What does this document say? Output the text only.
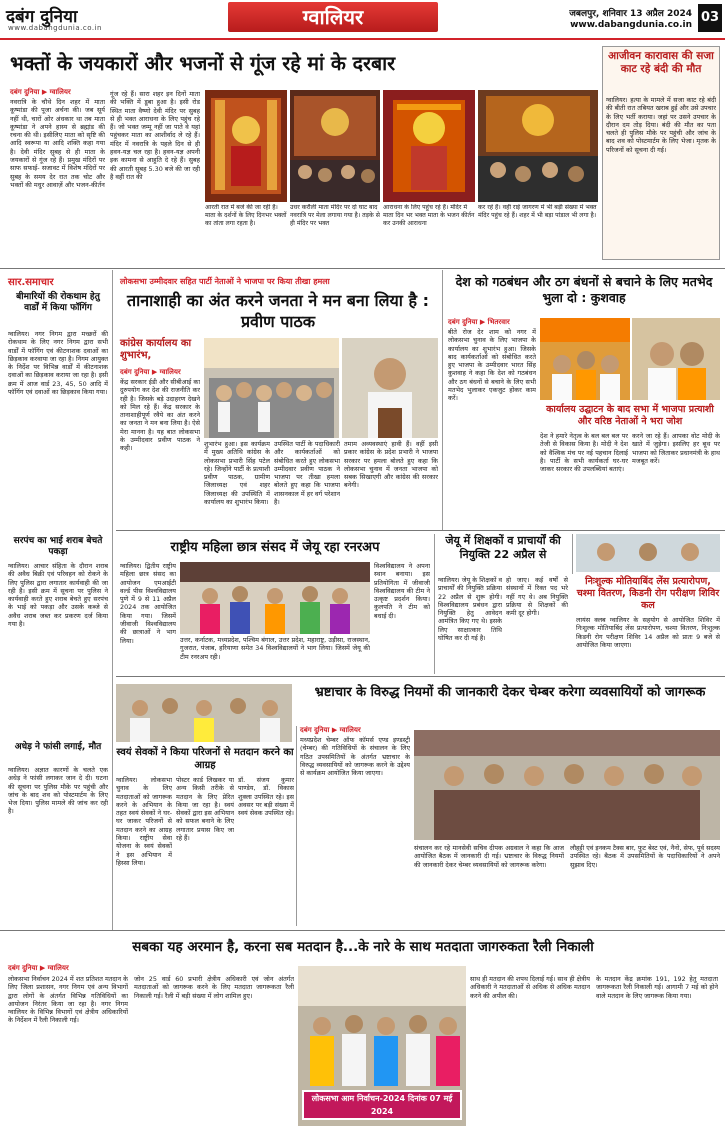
दबंग दुनिया
www.dabangdunia.co.in	ग्वालियर	जबलपुर, शनिवार 13 अप्रैल 2024
www.dabangdunia.co.in 03
भक्तों के जयकारों और भजनों से गूंज रहे मां के दरबार
दबंग दुनिया ▶ ग्वालियर
नवरात्रि के चौथे दिन शहर में माता कूष्मांडा की पूजा अर्चना की। जब सूर्य नहीं थी, चारों ओर अंधकार था तब माता कूष्मांडा ने अपने हास्य से ब्रह्मांड की रचना की थी। इसीलिए माता को सृष्टि की आदि स्वरूपा या आदि शक्ति कहा गया है। देवी मंदिर सुबह से ही माता के जयकारों से गूंज रहे हैं। प्रमुख मंदिरों पर साफ सफाई- सजावट में विशेष मंदिरों पर सुबह के समय देर रात तक चोट और भक्तों की मधुर आवाज़ें और भजन-कीर्तन
गूंज रहे हैं। सारा शहर इन दिनों माता की भक्ति में डूबा हुआ है। इसी रोड स्थित माता वैष्णो देवी मंदिर पर सुबह से ही भक्त आराधना के लिए पहुंच रहे हैं। जो भक्त जम्मू नहीं जा पाते वे यहां पहुंचकर माता का आशीर्वाद ले रहे हैं। मंदिर में नवरात्रि के पहले दिन से ही हवन-यज्ञ चल रहा है। हवन-यज्ञ अपनी इक कामना से आहुति दे रहे हैं। सुबह की आरती सुबह 5.30 बजे की जा रही है वहीं रात की
आरती रात में बजे की जा रही है। माता के दर्शनों के लिए दिनभर भक्तों का तांता लगा रहता है।
उधर करौली माता मंदिर पर दो घाट बाद नवरात्रि पर मेला लगाया गया है। तड़के से ही मंदिर पर भक्त
आराधना के लिए पहुंच रहे हैं। मंदिर में माता दिन भर भक्त माता के भजन कीर्तन कर उनकी आराधना
कर रहे हैं। वहीं राई जागरण में भी बड़ी संख्या में भक्त मंदिर पहुंच रहे हैं। शहर में भी बड़ा पांडाल भी लगा है।
आजीवन कारावास की सजा काट रहे बंदी की मौत
ग्वालियर। हत्या के मामले में सजा काट रहे बंदी की बीती रात तबियत खराब हुई और उसे उपचार के लिए भर्ती कराया। जहां पर उसने उपचार के दौरान दम तोड़ दिया। बंदी की मौत का पता चलते ही पुलिस मौके पर पहुंची और जांच के बाद शव को पोस्टमार्टम के लिए भेजा। मृतक के परिजनों को सूचना दी गई।
सार.समाचार
बीमारियों की रोकथाम हेतु वार्डों में किया फॉगिंग
ग्वालियर। नगर निगम द्वारा मच्छरों की रोकथाम के लिए नगर निगम द्वारा सभी वार्डों में फॉगिंग एवं कीटनाशक दवाओं का छिड़काव करवाया जा रहा है। निगम आयुक्त के निर्देश पर विभिन्न वार्डों में कीटनाशक दवाओं का छिड़काव कराया जा रहा है। इसी क्रम में आज वार्ड 23, 45, 50 आदि में फॉगिंग एवं दवाओं का छिड़काव किया गया।
सरपंच का भाई शराब बेचते पकड़ा
ग्वालियर। आचार संहिता के दौरान शराब की अवैध बिक्री एवं परिवहन को रोकने के लिए पुलिस द्वारा लगातार कार्यवाही की जा रही है। इसी क्रम में सूचना पर पुलिस ने कार्यवाही करते हुए शराब बेचते हुए सरपंच के भाई को पकड़ा और उसके कब्जे से अवैध शराब जब्त कर प्रकरण दर्ज किया गया है।
अधेड़ ने फांसी लगाई, मौत
ग्वालियर। अज्ञात कारणों के चलते एक अधेड़ ने फांसी लगाकर जान दे दी। घटना की सूचना पर पुलिस मौके पर पहुंची और जांच के बाद शव को पोस्टमार्टम के लिए भेज दिया। पुलिस मामले की जांच कर रही है।
लोकसभा उम्मीदवार सहित पार्टी नेताओं ने भाजपा पर किया तीखा हमला
तानाशाही का अंत करने जनता ने मन बना लिया है : प्रवीण पाठक
कांग्रेस कार्यालय का शुभारंभ,
दबंग दुनिया ▶ ग्वालियर
केंद्र सरकार ईडी और सीबीआई का दुरुपयोग कर देश की राजनीति कर रही है। जिसके बड़े उदाहरण देखने को मिल रहे हैं। केंद्र सरकार के तानाशाहीपूर्ण रवैये का अंत करने का जनता ने मन बना लिया है। ऐसे मेरा मानना है। यह बात लोकसभा के उम्मीदवार प्रवीण पाठक ने कही।
शुभारंभ हुआ। इस कार्यक्रम में मुख्य अतिथि कांग्रेस के लोकसभा प्रभारी सिंह पटेल रहे। जिन्होंने पार्टी के प्रत्याशी प्रवीण पाठक, ग्रामीण जिलाध्यक्ष एवं शहर जिलाध्यक्ष की उपस्थिति में कार्यालय का शुभारंभ किया।
उपस्थित पार्टी के पदाधिकारी और कार्यकर्ताओं को संबोधित करते हुए लोकसभा उम्मीदवार प्रवीण पाठक ने भाजपा पर तीखा हमला बोलते हुए कहा कि भाजपा शासनकाल में हर वर्ग परेशान है।
तमाम अव्यवस्थाएं हावी हैं। वहीं इसी प्रकार कांग्रेस के प्रदेश प्रभारी ने भाजपा सरकार पर हमला बोलते हुए कहा कि लोकसभा चुनाव में जनता भाजपा को सबक सिखाएगी और कांग्रेस की सरकार बनेगी।
देश को गठबंधन और ठग बंधनों से बचाने के लिए मतभेद भुला दो : कुशवाह
दबंग दुनिया ▶ भितरवार
बीते रोज देर शाम को नगर में लोकसभा चुनाव के लिए भाजपा के कार्यालय का शुभारंभ हुआ। जिसके बाद कार्यकर्ताओं को संबोधित करते हुए भाजपा के उम्मीदवार भारत सिंह कुशवाह ने कहा कि देश को गठबंधन और ठग बंधनों से बचाने के लिए सभी मतभेद भुलाकर एकजुट होकर काम करें।
कार्यालय उद्घाटन के बाद सभा में भाजपा प्रत्याशी और वरिष्ठ नेताओं ने भरा जोश
देश ने हमारे नेतृत्व के बल बल बल पर तेजी से विकास किया है। मोदी ने देश को वैश्विक मंच पर नई पहचान दिलाई है। पार्टी के सभी कार्यकर्ता घर-घर जाकर सरकार की उपलब्धियां बताएं।
करने जा रहे हैं। आपका वोट मोदी के खाते में जुड़ेगा। इसलिए हर बूथ पर भाजपा को जिताकर प्रधानमंत्री के हाथ मजबूत करें।
राष्ट्रीय महिला छात्र संसद में जेयू रहा रनरअप
ग्वालियर। द्वितीय राष्ट्रीय महिला छात्र संसद का आयोजन एमआईटी वर्ल्ड पीस विश्वविद्यालय पुणे में 9 से 11 अप्रैल 2024 तक आयोजित किया गया। जिसमें जीवाजी विश्वविद्यालय की छात्राओं ने भाग लिया।	उत्तर, कर्नाटक, मध्यप्रदेश, पश्चिम बंगाल, उत्तर प्रदेश, महाराष्ट्र, उड़ीसा, राजस्थान, गुजरात, पंजाब, हरियाणा समेत 34 विश्वविद्यालयों ने भाग लिया। जिसमें जेयू की टीम रनरअप रही।
विश्वविद्यालय ने अपना स्थान बनाया। इस प्रतियोगिता में जीवाजी विश्वविद्यालय की टीम ने उत्कृष्ट प्रदर्शन किया। कुलपति ने टीम को बधाई दी।
जेयू में शिक्षकों व प्राचार्यों की नियुक्ति 22 अप्रैल से
ग्वालियर। जेयू के शिक्षकों व प्राचार्यों की नियुक्ति प्रक्रिया 22 अप्रैल से शुरू होगी। विश्वविद्यालय प्रबंधन द्वारा नियुक्ति हेतु आवेदन आमंत्रित किए गए थे। इसके लिए साक्षात्कार तिथि घोषित कर दी गई है।
हो जाए। कई वर्षों से संस्थानों में रिक्त पद भरे नहीं गए थे। अब नियुक्ति प्रक्रिया से शिक्षकों की कमी दूर होगी।
निःशुल्क मोतियाबिंद लेंस प्रत्यारोपण, चश्मा वितरण, किडनी रोग परीक्षण शिविर कल
लायंस क्लब ग्वालियर के सहयोग से आयोजित शिविर में निःशुल्क मोतियाबिंद लेंस प्रत्यारोपण, चश्मा वितरण, निःशुल्क किडनी रोग परीक्षण शिविर 14 अप्रैल को प्रातः 9 बजे से आयोजित किया जाएगा।
भ्रष्टाचार के विरुद्ध नियमों की जानकारी देकर चेम्बर करेगा व्यवसायियों को जागरूक
दबंग दुनिया ▶ ग्वालियर
मध्यप्रदेश चेम्बर ऑफ कॉमर्स एण्ड इण्डस्ट्री (चेम्बर) की गतिविधियों के संचालन के लिए गठित उपसमितियों के अंतर्गत भ्रष्टाचार के विरुद्ध व्यवसायियों को जागरूक करने के उद्देश्य से कार्यक्रम आयोजित किया जाएगा।
संचालन कर रहे मानसेवी सचिव दीपक अग्रवाल ने कहा कि आज आयोजित बैठक में जानकारी दी गई। भ्रष्टाचार के विरुद्ध नियमों की जानकारी देकर चेम्बर व्यवसायियों को जागरूक करेगा।
लौहट्टी एवं इनकम टैक्स बार, फुट बेस्ट एवं, नैनो, सेफ, पूर्व सदस्य उपस्थित रहे। बैठक में उपसमितियों के पदाधिकारियों ने अपने सुझाव दिए।
स्वयं सेवकों ने किया परिजनों से मतदान करने का आग्रह
ग्वालियर। लोकसभा चुनाव के लिए मतदाताओं को जागरूक करने के अभियान के तहत स्वयं सेवकों ने घर-घर जाकर परिजनों से मतदान करने का आग्रह किया। राष्ट्रीय सेवा योजना के स्वयं सेवकों ने इस अभियान में हिस्सा लिया।
पोस्टर कार्ड लिखकर या अन्य किसी तरीके से मतदान के लिए प्रेरित किया जा रहा है। स्वयं सेवकों द्वारा इस अभियान को सफल बनाने के लिए लगातार प्रयास किए जा रहे हैं।
डॉ. संजय कुमार पाण्डेय, डॉ. विकास शुक्ला उपस्थित रहे। इस अवसर पर बड़ी संख्या में स्वयं सेवक उपस्थित रहे।
सबका यह अरमान है, करना सब मतदान है...के नारे के साथ मतदाता जागरुकता रैली निकाली
दबंग दुनिया ▶ ग्वालियर
लोकसभा निर्वाचन 2024 में शत प्रतिशत मतदान के लिए जिला प्रशासन, नगर निगम एवं अन्य विभागों द्वारा लोगों के अंतर्गत विभिन्न गतिविधियों का आयोजन निरंतर किया जा रहा है। नगर निगम ग्वालियर के विभिन्न विभागों एवं क्षेत्रीय अधिकारियों के निर्देशन में रैली निकाली गई।
जोन 25 वार्ड 60 प्रभारी क्षेत्रीय अधिकारी एवं जोन अंतर्गत मतदाताओं को जागरूक करने के लिए मतदाता जागरूकता रैली निकाली गई। रैली में बड़ी संख्या में लोग शामिल हुए।
लोकसभा आम निर्वाचन-2024 दिनांक 07 मई 2024
साथ ही मतदान की शपथ दिलाई गई। साथ ही क्षेत्रीय अधिकारी ने मतदाताओं से अधिक से अधिक मतदान करने की अपील की।
के मतदान केंद्र क्रमांक 191, 192 हेतु मतदाता जागरूकता रैली निकाली गई। आगामी 7 मई को होने वाले मतदान के लिए जागरूक किया गया।
